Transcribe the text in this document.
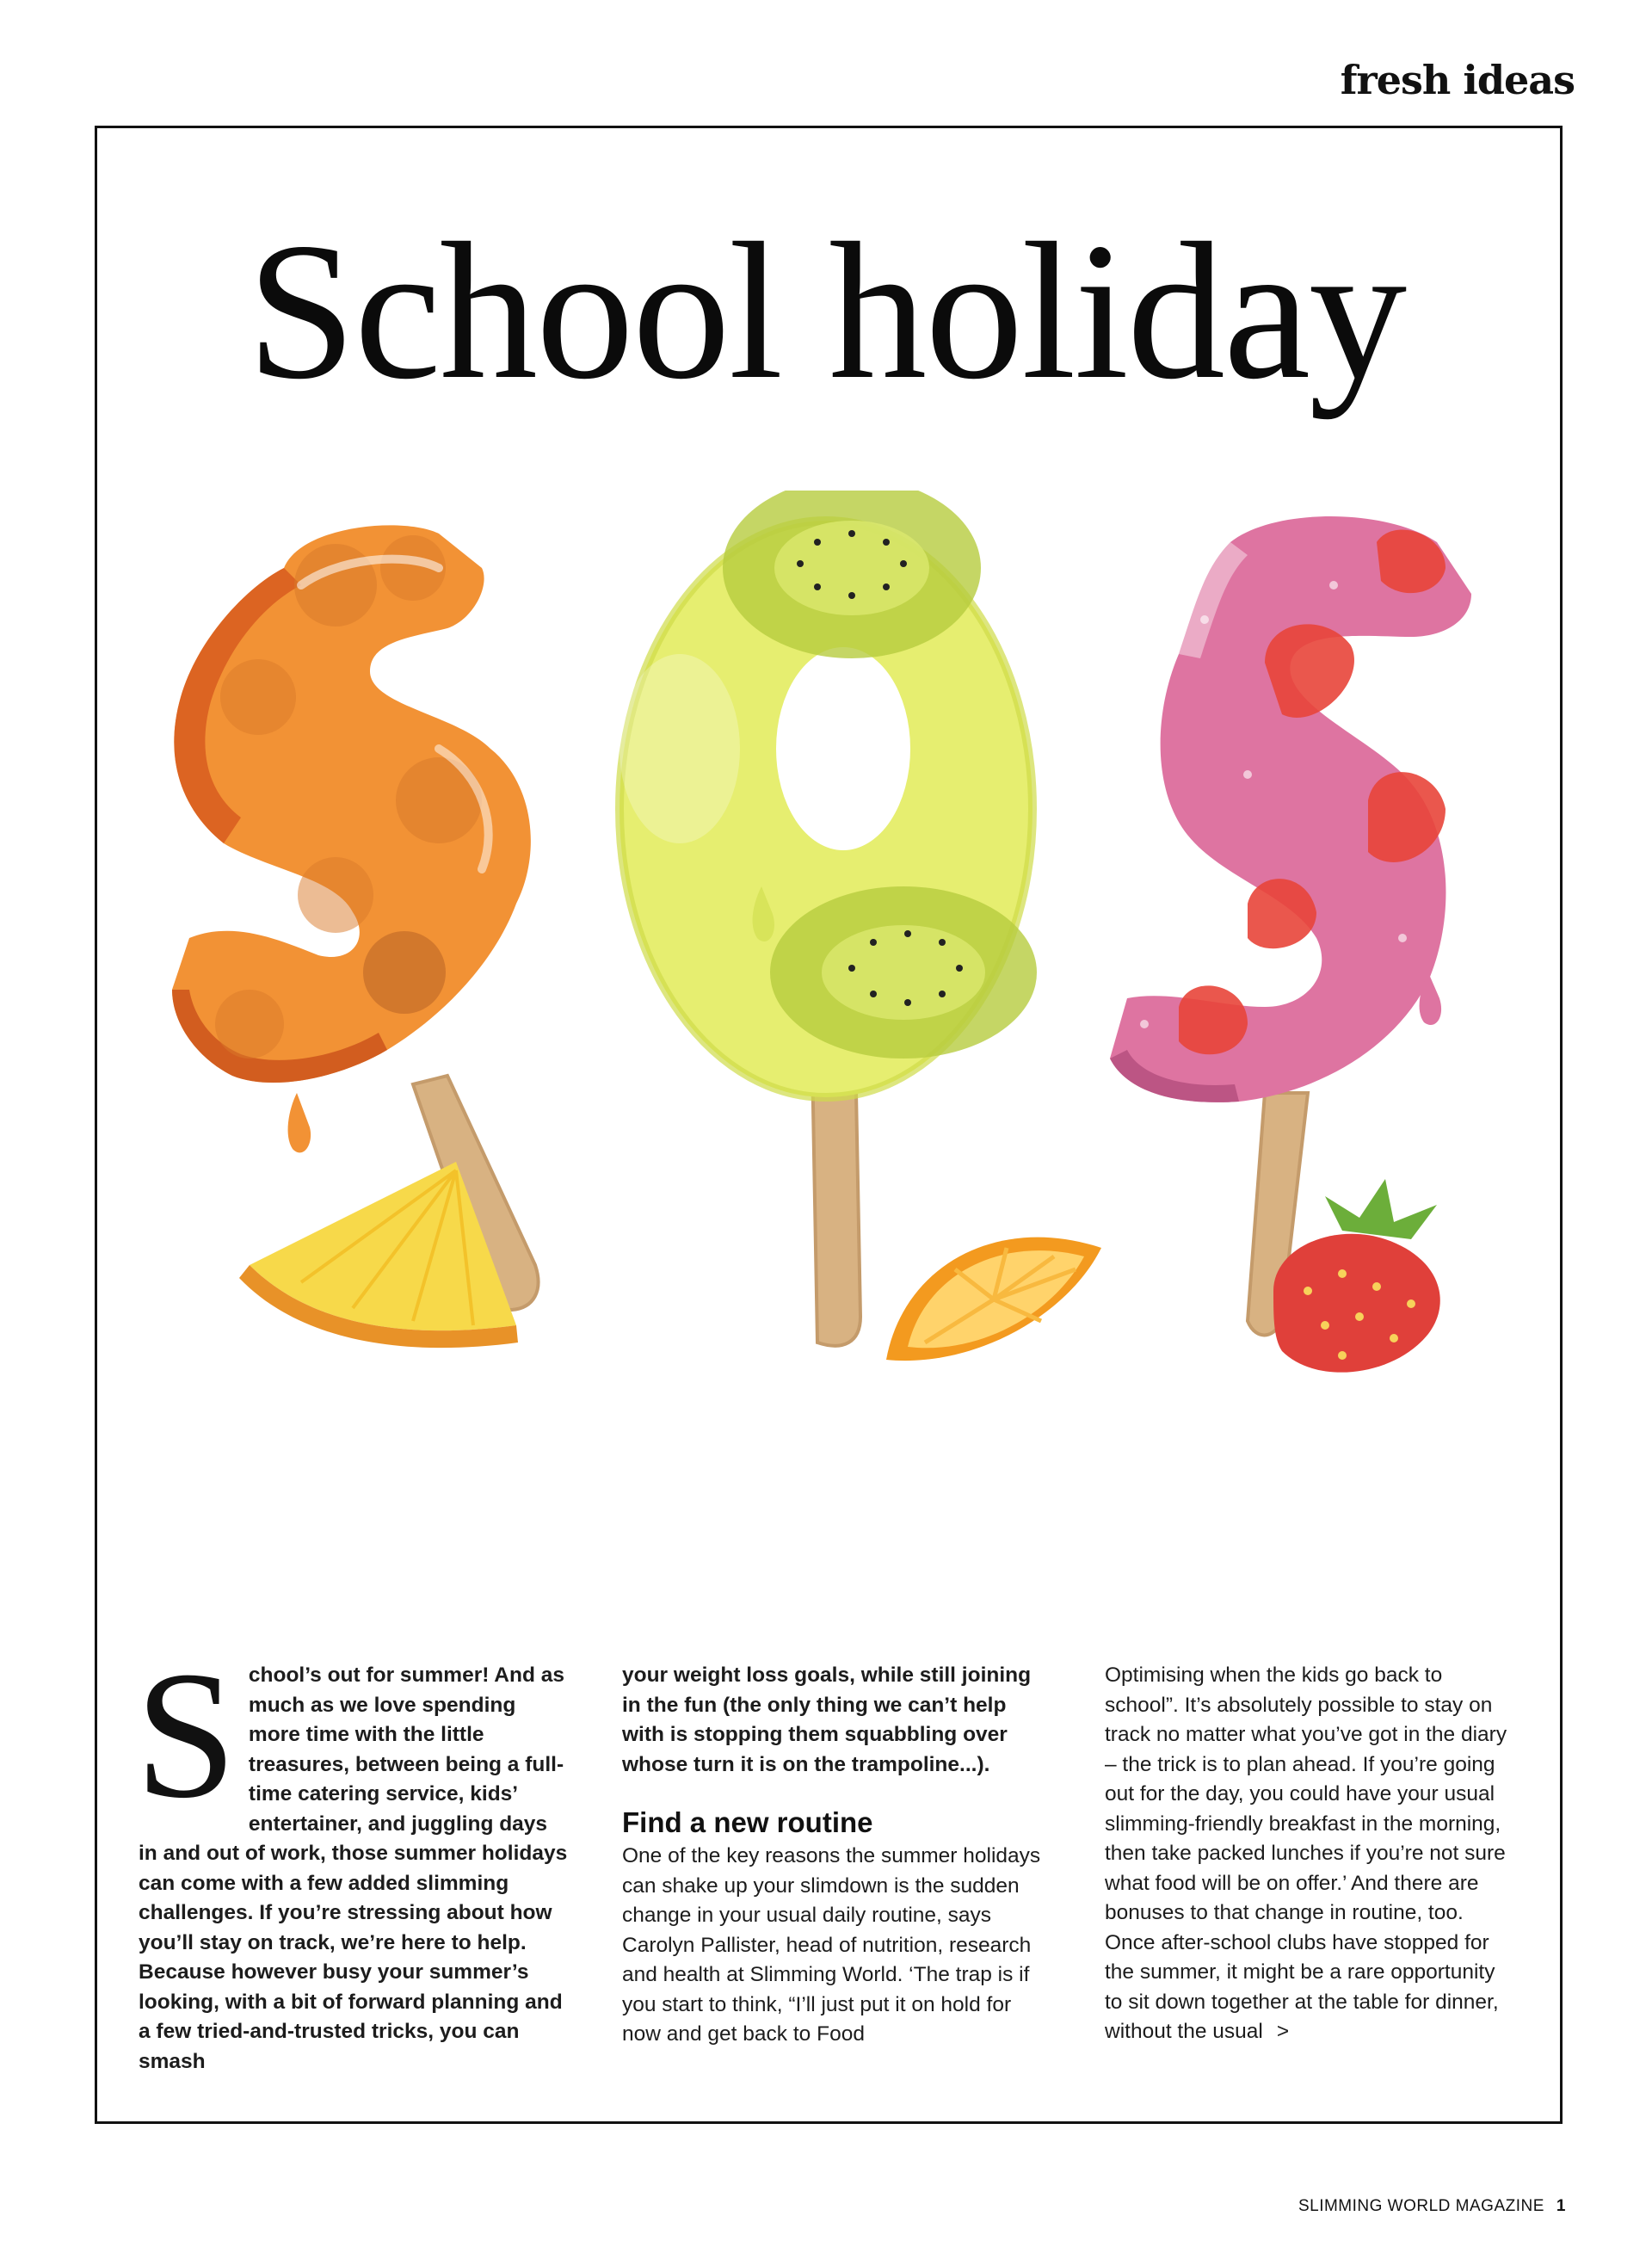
fresh ideas
School holiday
S chool’s out for summer! And as much as we love spending more time with the little treasures, between being a full-time catering service, kids’ entertainer, and juggling days in and out of work, those summer holidays can come with a few added slimming challenges. If you’re stressing about how you’ll stay on track, we’re here to help. Because however busy your summer’s looking, with a bit of forward planning and a few tried-and-trusted tricks, you can smash

your weight loss goals, while still joining in the fun (the only thing we can’t help with is stopping them squabbling over whose turn it is on the trampoline...).

Find a new routine

One of the key reasons the summer holidays can shake up your slimdown is the sudden change in your usual daily routine, says Carolyn Pallister, head of nutrition, research and health at Slimming World. ‘The trap is if you start to think, “I’ll just put it on hold for now and get back to Food

Optimising when the kids go back to school”. It’s absolutely possible to stay on track no matter what you’ve got in the diary – the trick is to plan ahead. If you’re going out for the day, you could have your usual slimming-friendly breakfast in the morning, then take packed lunches if you’re not sure what food will be on offer.’ And there are bonuses to that change in routine, too. Once after-school clubs have stopped for the summer, it might be a rare opportunity to sit down together at the table for dinner, without the usual >

SLIMMING WORLD MAGAZINE 1
